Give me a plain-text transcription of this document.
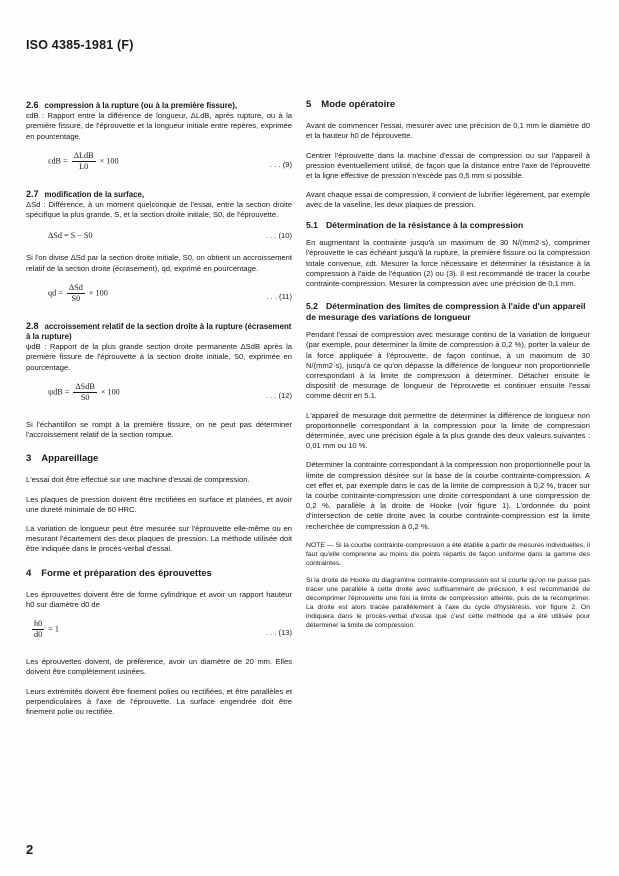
ISO 4385-1981 (F)
2.6 compression à la rupture (ou à la première fissure),

εdB : Rapport entre la différence de longueur, ΔLdB, après rupture, ou à la première fissure, de l'éprouvette et la longueur initiale entre repères, exprimée en pourcentage.

$\varepsilon dB = \frac{\text{ΔLdB}}{L0} \times 100$	. . . (9)
2.7 modification de la surface,

ΔSd : Différence, à un moment quelconque de l'essai, entre la section droite spécifique la plus grande, S, et la section droite initiale, S0, de l'éprouvette.

ΔSd = S − S0	. . . (10)

Si l'on divise ΔSd par la section droite initiale, S0, on obtient un accroissement relatif de la section droite (écrasement), qd, exprimé en pourcentage.

qd = $\frac{\text{ΔSd}}{S0} \times 100$	. . . (11)
2.8 accroissement relatif de la section droite à la rupture (écrasement à la rupture)

ψdB : Rapport de la plus grande section droite permanente ΔSdB après la première fissure de l'éprouvette à la section droite initiale, S0, exprimée en pourcentage.

$\psi dB = \frac{\text{ΔSdB}}{S0} \times 100$	. . . (12)

Si l'échantillon se rompt à la première fissure, on ne peut pas déterminer l'accroissement relatif de la section rompue.

3 Appareillage

L'essai doit être effectué sur une machine d'essai de compression.

Les plaques de pression doivent être rectifiées en surface et planées, et avoir une dureté minimale de 60 HRC.

La variation de longueur peut être mesurée sur l'éprouvette elle-même ou en mesurant l'écartement des deux plaques de pression. La méthode utilisée doit être indiquée dans le procès-verbal d'essai.

4 Forme et préparation des éprouvettes

Les éprouvettes doivent être de forme cylindrique et avoir un rapport hauteur h0 sur diamètre d0 de

$\frac{h0}{d0} = 1$	. . . (13)

Les éprouvettes doivent, de préférence, avoir un diamètre de 20 mm. Elles doivent être complètement usinées.

Leurs extrémités doivent être finement polies ou rectifiées, et être parallèles et perpendiculaires à l'axe de l'éprouvette. La surface engendrée doit être finement polie ou rectifiée.

5 Mode opératoire

Avant de commencer l'essai, mesurer avec une précision de 0,1 mm le diamètre d0 et la hauteur h0 de l'éprouvette.

Centrer l'éprouvette dans la machine d'essai de compression ou sur l'appareil à pression éventuellement utilisé, de façon que la distance entre l'axe de l'éprouvette et la ligne effective de pression n'excède pas 0,5 mm si possible.

Avant chaque essai de compression, il convient de lubrifier légèrement, par exemple avec de la vaseline, les deux plaques de pression.

5.1 Détermination de la résistance à la compression

En augmentant la contrainte jusqu'à un maximum de 30 N/(mm2·s), comprimer l'éprouvette le cas échéant jusqu'à la rupture, la première fissure ou la compression totale convenue, εdt. Mesurer la force nécessaire et déterminer la résistance à la compression à l'aide de l'équation (2) ou (3). Il est recommandé de tracer la courbe contrainte-compression. Mesurer la compression avec une précision de 0,1 mm.

5.2 Détermination des limites de compression à l'aide d'un appareil de mesurage des variations de longueur

Pendant l'essai de compression avec mesurage continu de la variation de longueur (par exemple, pour déterminer la limite de compression à 0,2 %), porter la valeur de la force appliquée à l'éprouvette, de façon continue, à un maximum de 30 N/(mm2·s), jusqu'à ce qu'on dépasse la différence de longueur non proportionnelle correspondant à la limite de compression à déterminer. Détacher ensuite le dispositif de mesurage de longueur de l'éprouvette et continuer ensuite l'essai comme décrit en 5.1.

L'appareil de mesurage doit permettre de déterminer la différence de longueur non proportionnelle correspondant à la compression pour la limite de compression déterminée, avec une précision égale à la plus grande des deux valeurs suivantes : 0,01 mm ou 10 %.

Déterminer la contrainte correspondant à la compression non proportionnelle pour la limite de compression désirée sur la base de la courbe contrainte-compression. A cet effet et, par exemple dans le cas de la limite de compression à 0,2 %, tracer sur la courbe contrainte-compression une droite correspondant à une compression de 0,2 %, parallèle à la droite de Hooke (voir figure 1). L'ordonnée du point d'intersection de cette droite avec la courbe contrainte-compression est la limite recherchée de compression à 0,2 %.

NOTE — Si la courbe contrainte-compression a été établie à partir de mesures individuelles, il faut qu'elle comprenne au moins dix points répartis de façon uniforme dans la gamme des contraintes.

Si la droite de Hooke du diagramme contrainte-compression est si courte qu'on ne puisse pas tracer une parallèle à cette droite avec suffisamment de précision, il est recommandé de décomprimer l'éprouvette une fois la limite de compression atteinte, puis de la recomprimer. La droite est alors tracée parallèlement à l'axe du cycle d'hystérésis, voir figure 2. On indiquera dans le procès-verbal d'essai que c'est cette méthode qui a été utilisée pour déterminer la limite de compression.

2
